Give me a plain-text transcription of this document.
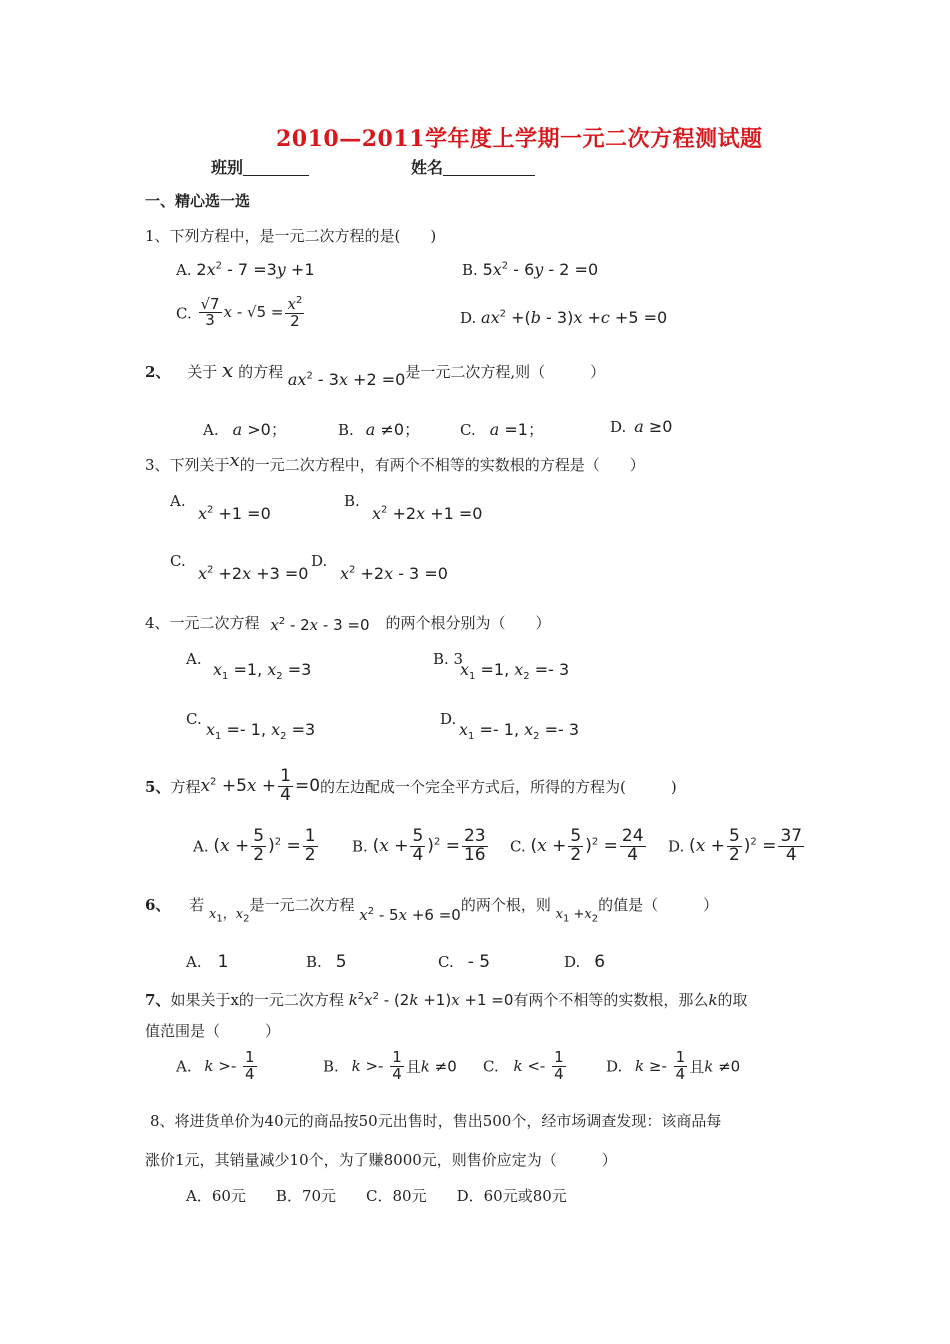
2010—2011学年度上学期一元二次方程测试题
班别	姓名
一、精心选一选
1、下列方程中，是一元二次方程的是(　　)
A. $2x^2 - 7 =3y +1$	B. $5x^2 - 6y - 2 =0$
C. $\frac{√7}{3}$ $x - √5 = \frac{x^2}{2}$	D. $ax^2 +(b - 3)x +c +5 =0$
2、 关于 x 的方程 $ax^2 - 3x +2 =0$是一元二次方程,则（　　　）
A. a >0；	B. a ≠0；	C. a =1；	D. a ≥0
3、下列关于x的一元二次方程中，有两个不相等的实数根的方程是（　　）
A.
$x^2 +1 =0$
B.
$x^2 +2x +1 =0$
C.
$x^2 +2x +3 =0$
D.
$x^2 +2x - 3 =0$
4、一元二次方程 $x^2 - 2x - 3 =0$ 的两个根分别为（　　）
A.
$x_1 =1$, $x_2 =3$
B. 3
$x_1 =1$, $x_2 =- 3$
C.
$x_1 =- 1$, $x_2 =3$
D.
$x_1 =- 1$, $x_2 =- 3$
5、方程$x^2 +5x + \frac{1}{4} =0$的左边配成一个完全平方式后，所得的方程为(　　　)
A. $(x + \frac{5}{2} )^2 = \frac{1}{2} B$. $(x + \frac{5}{4} )^2 = \frac{23}{16} C$. $(x + \frac{5}{2} )^2 = \frac{24}{4} D$. $(x + \frac{5}{2} )^2 = \frac{37}{4}$
6、 若 $x_1$，$x_2$是一元二次方程 $x^2 - 5x +6 =0$的两个根，则 $x_1 +x_2$的值是（　　　）
A. 1	B. 5	C. - 5	D. 6
7、如果关于x的一元二次方程 $k^2x^2 - (2k +1)x +1 =0$有两个不相等的实数根，那么k的取
值范围是（　　　）
A. $k >- \frac{1}{4}$	B. $k >- \frac{1}{4}$ 且k ≠0 C. $k <- \frac{1}{4}$	D. $k \ge- \frac{1}{4}$ 且k ≠0
8、将进货单价为40元的商品按50元出售时，售出500个，经市场调查发现：该商品每
涨价1元，其销量减少10个，为了赚8000元，则售价应定为（　　　）
A．60元　　B．70元　　C．80元　　D．60元或80元
